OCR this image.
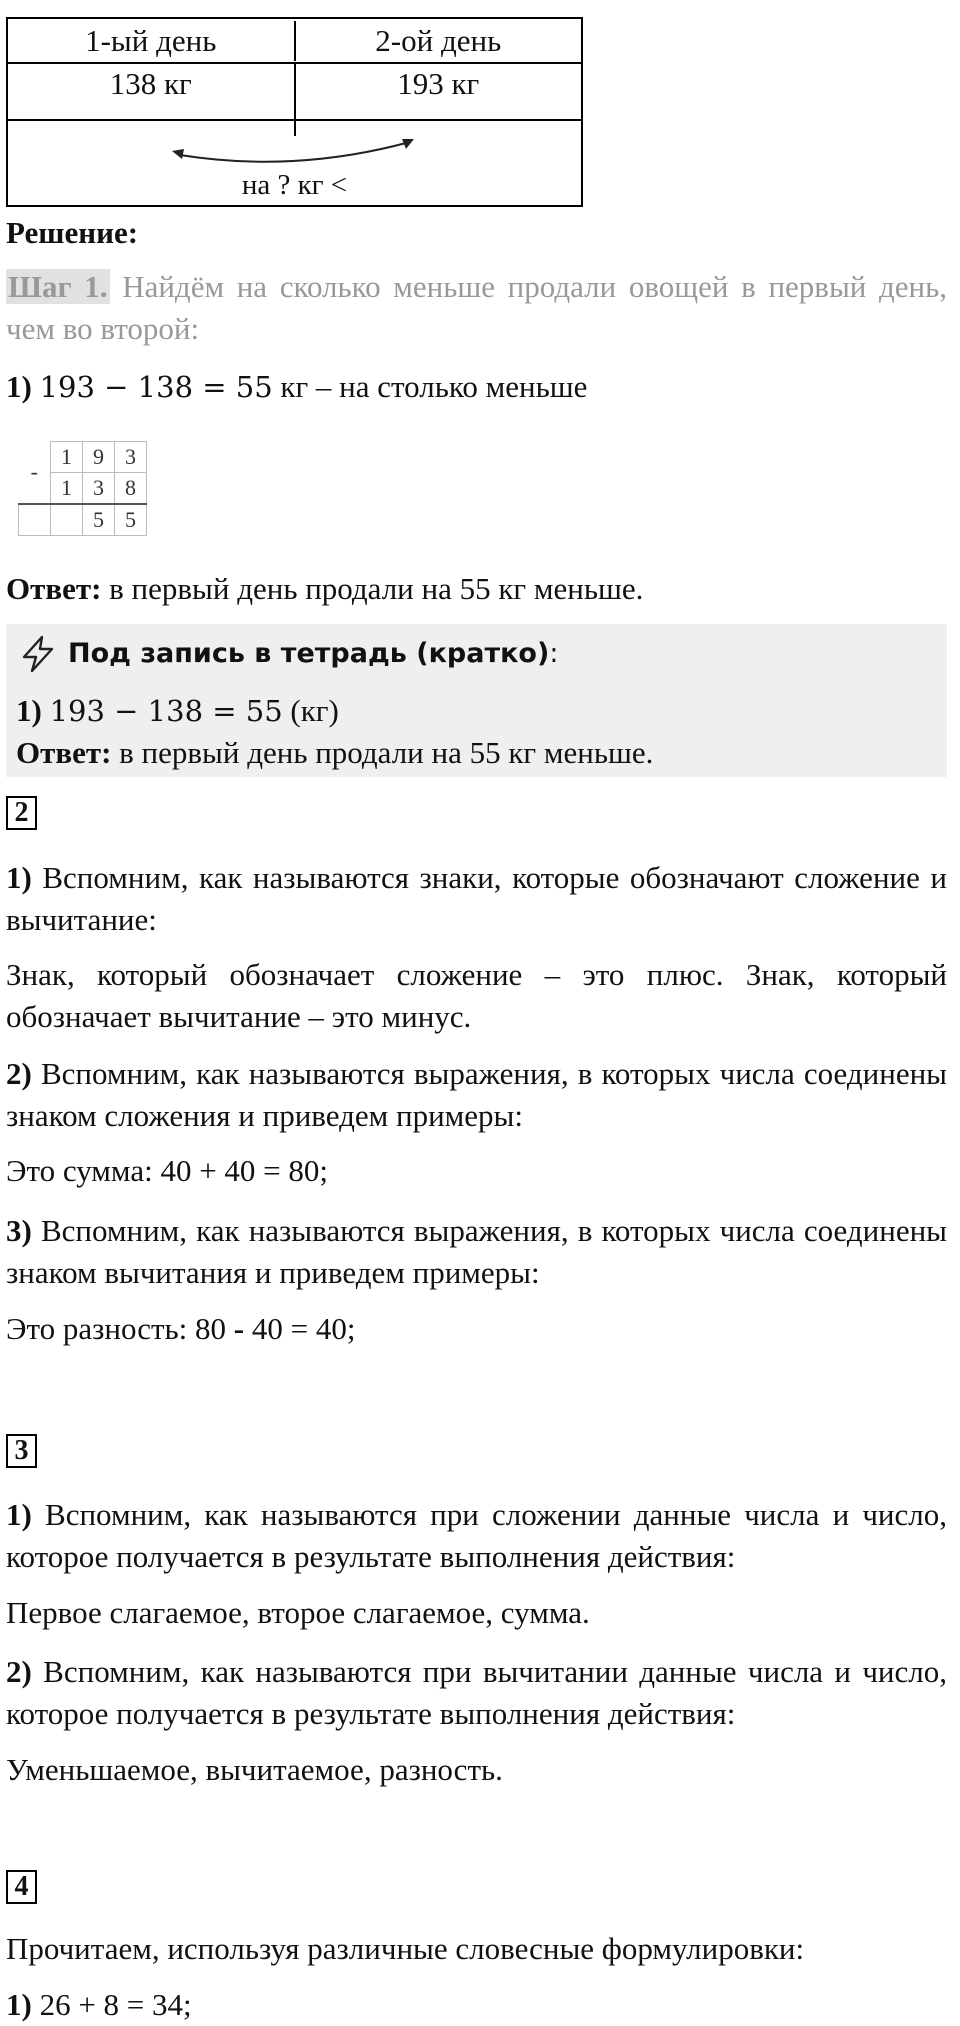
1-ый день	2-ой день
138 кг	193 кг
на ? кг <

Решение:

Шаг 1. Найдём на сколько меньше продали овощей в первый день, чем во второй:

1) 193 − 138 = 55 кг – на столько меньше

-	1	9	3
	1	3	8
		5	5

Ответ: в первый день продали на 55 кг меньше.

Под запись в тетрадь (кратко):

1) 193 − 138 = 55 (кг)

Ответ: в первый день продали на 55 кг меньше.

2

1) Вспомним, как называются знаки, которые обозначают сложение и вычитание:

Знак, который обозначает сложение – это плюс. Знак, который обозначает вычитание – это минус.

2) Вспомним, как называются выражения, в которых числа соединены знаком сложения и приведем примеры:

Это сумма: 40 + 40 = 80;

3) Вспомним, как называются выражения, в которых числа соединены знаком вычитания и приведем примеры:

Это разность: 80 - 40 = 40;

3

1) Вспомним, как называются при сложении данные числа и число, которое получается в результате выполнения действия:

Первое слагаемое, второе слагаемое, сумма.

2) Вспомним, как называются при вычитании данные числа и число, которое получается в результате выполнения действия:

Уменьшаемое, вычитаемое, разность.

4

Прочитаем, используя различные словесные формулировки:

1) 26 + 8 = 34;
